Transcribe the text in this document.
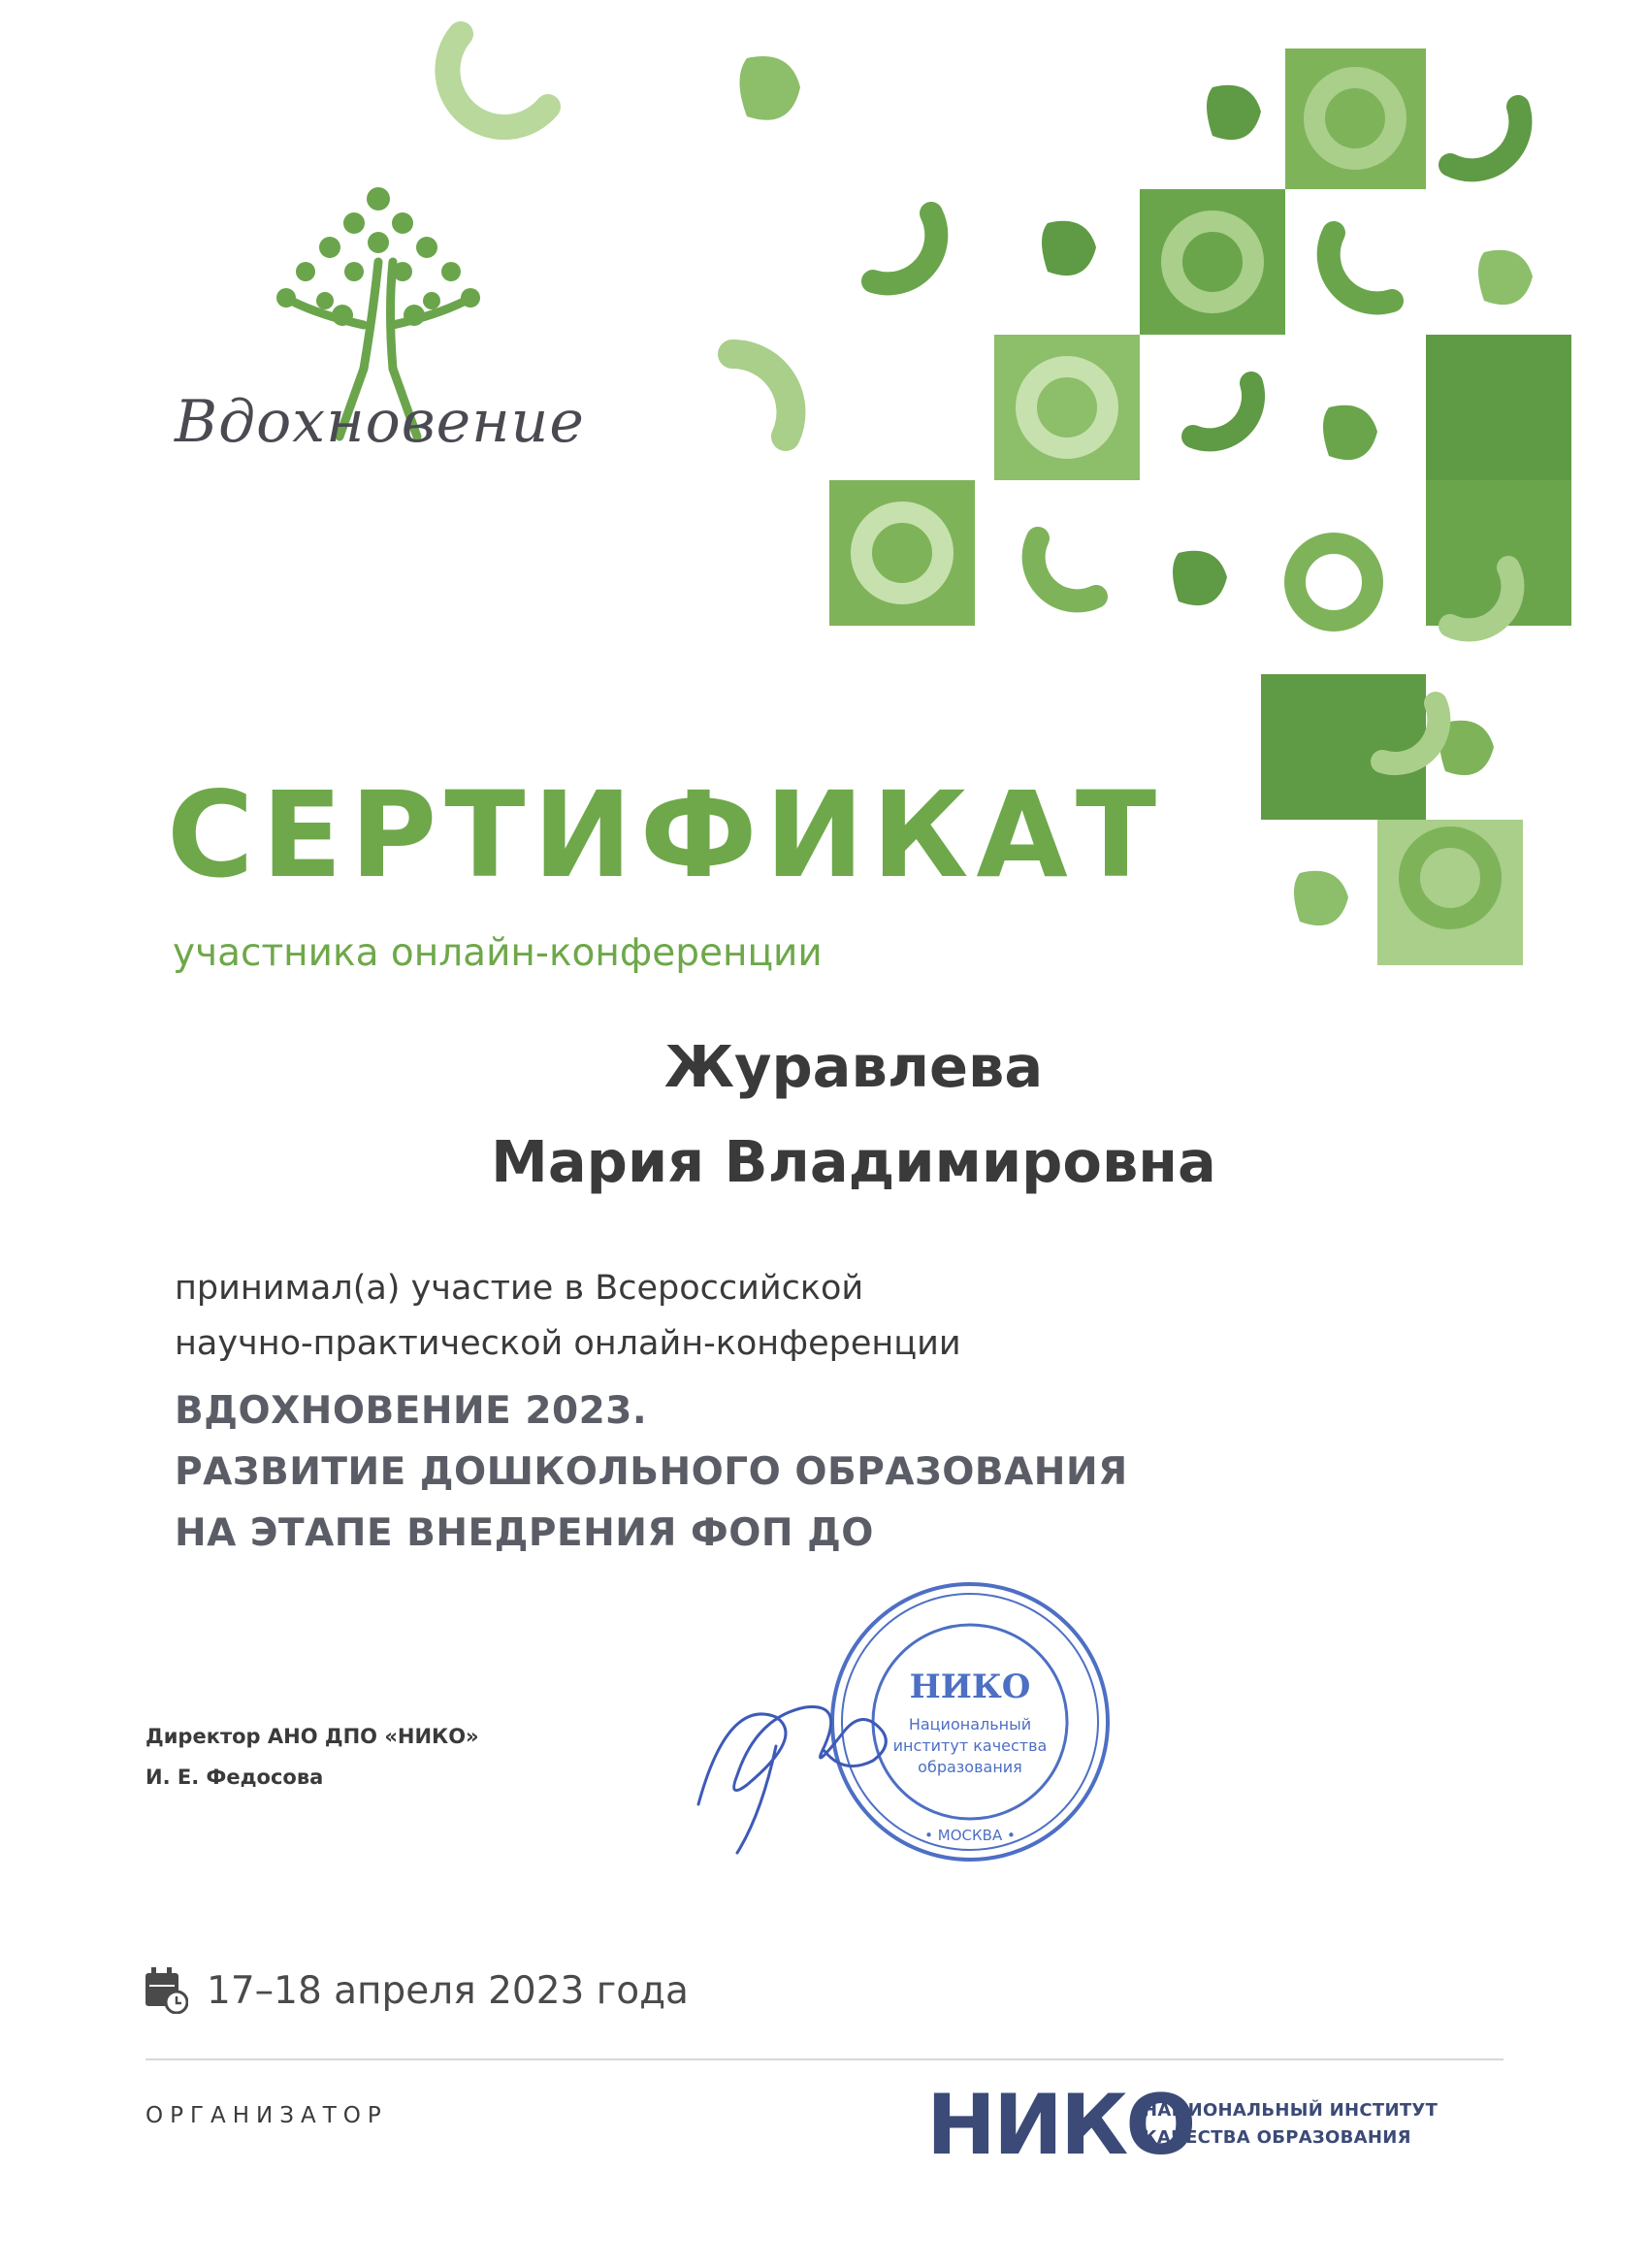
Вдохновение
СЕРТИФИКАТ
участника онлайн-конференции
Журавлева
Мария Владимировна
принимал(а) участие в Всероссийской
научно-практической онлайн-конференции
ВДОХНОВЕНИЕ 2023.
РАЗВИТИЕ ДОШКОЛЬНОГО ОБРАЗОВАНИЯ
НА ЭТАПЕ ВНЕДРЕНИЯ ФОП ДО
Директор АНО ДПО «НИКО»
И. Е. Федосова
НИКО
Национальный
институт качества
образования
• МОСКВА •
17–18 апреля 2023 года
ОРГАНИЗАТОР	НИКО
НАЦИОНАЛЬНЫЙ ИНСТИТУТ
КАЧЕСТВА ОБРАЗОВАНИЯ
